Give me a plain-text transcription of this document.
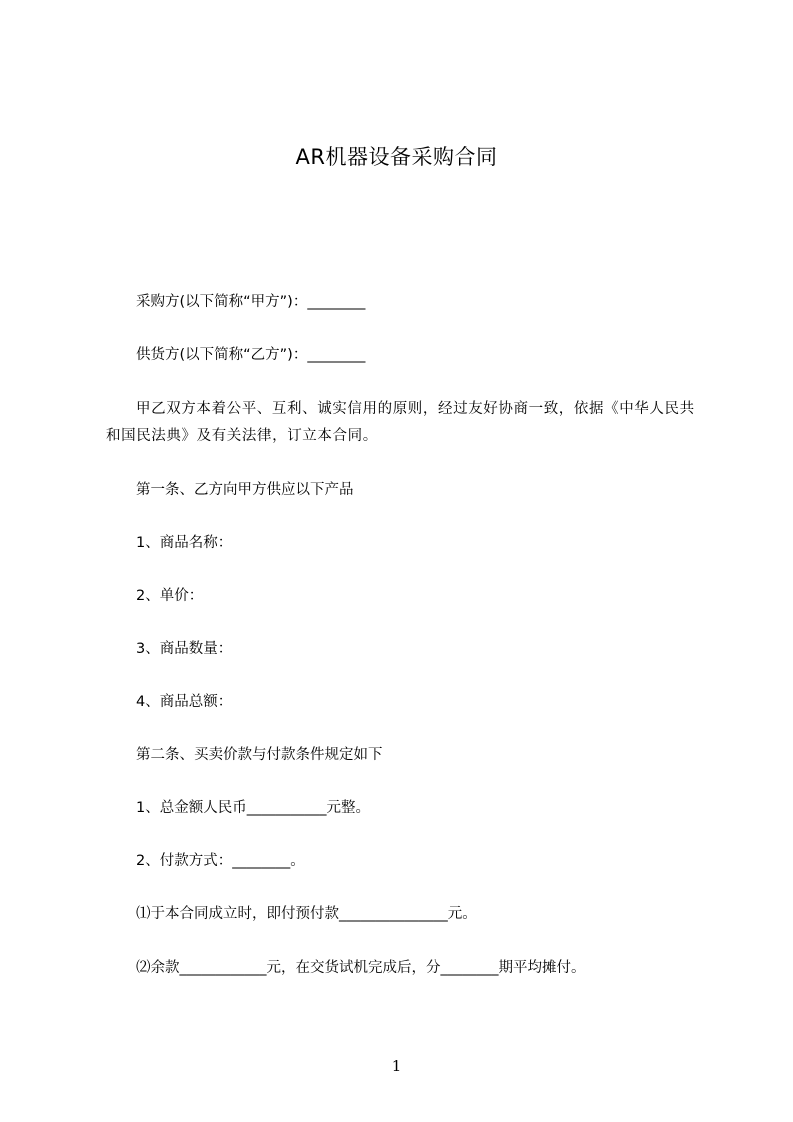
AR机器设备采购合同
采购方(以下简称“甲方”)：________
供货方(以下简称“乙方”)：________
甲乙双方本着公平、互利、诚实信用的原则，经过友好协商一致，依据《中华人民共和国民法典》及有关法律，订立本合同。
第一条、乙方向甲方供应以下产品
1、商品名称：
2、单价：
3、商品数量：
4、商品总额：
第二条、买卖价款与付款条件规定如下
1、总金额人民币___________元整。
2、付款方式：________。
⑴于本合同成立时，即付预付款_______________元。
⑵余款____________元，在交货试机完成后，分________期平均摊付。
1
